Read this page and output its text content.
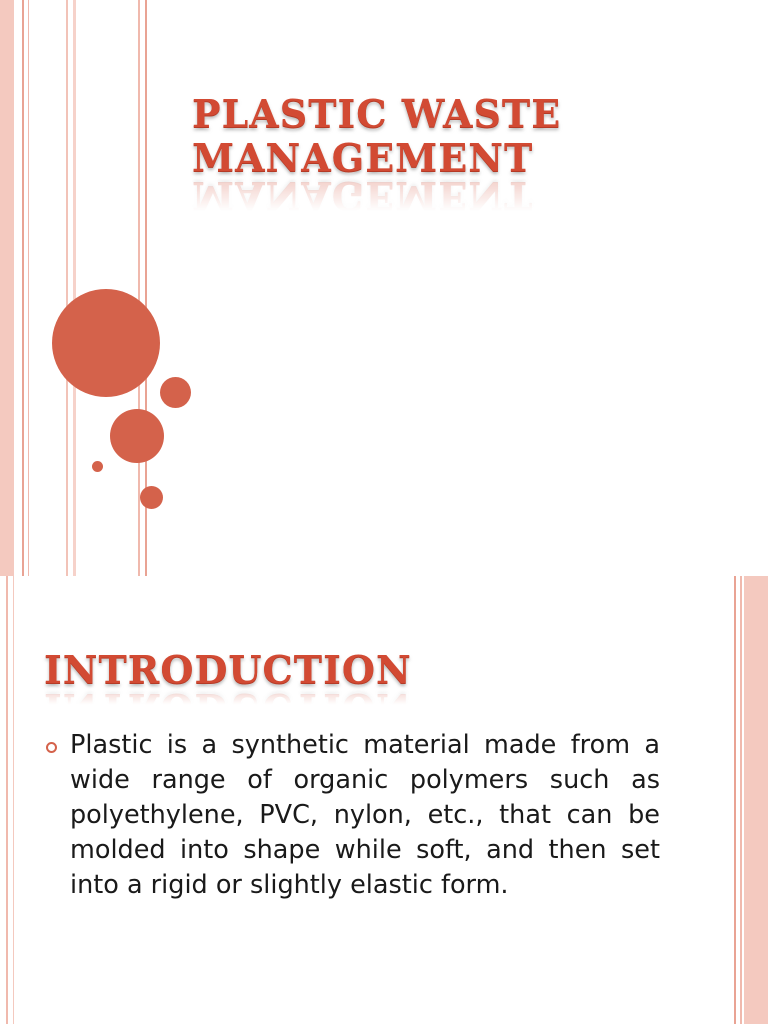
PLASTIC WASTE
MANAGEMENT
INTRODUCTION
Plastic is a synthetic material made from a wide range of organic polymers such as polyethylene, PVC, nylon, etc., that can be molded into shape while soft, and then set into a rigid or slightly elastic form.
